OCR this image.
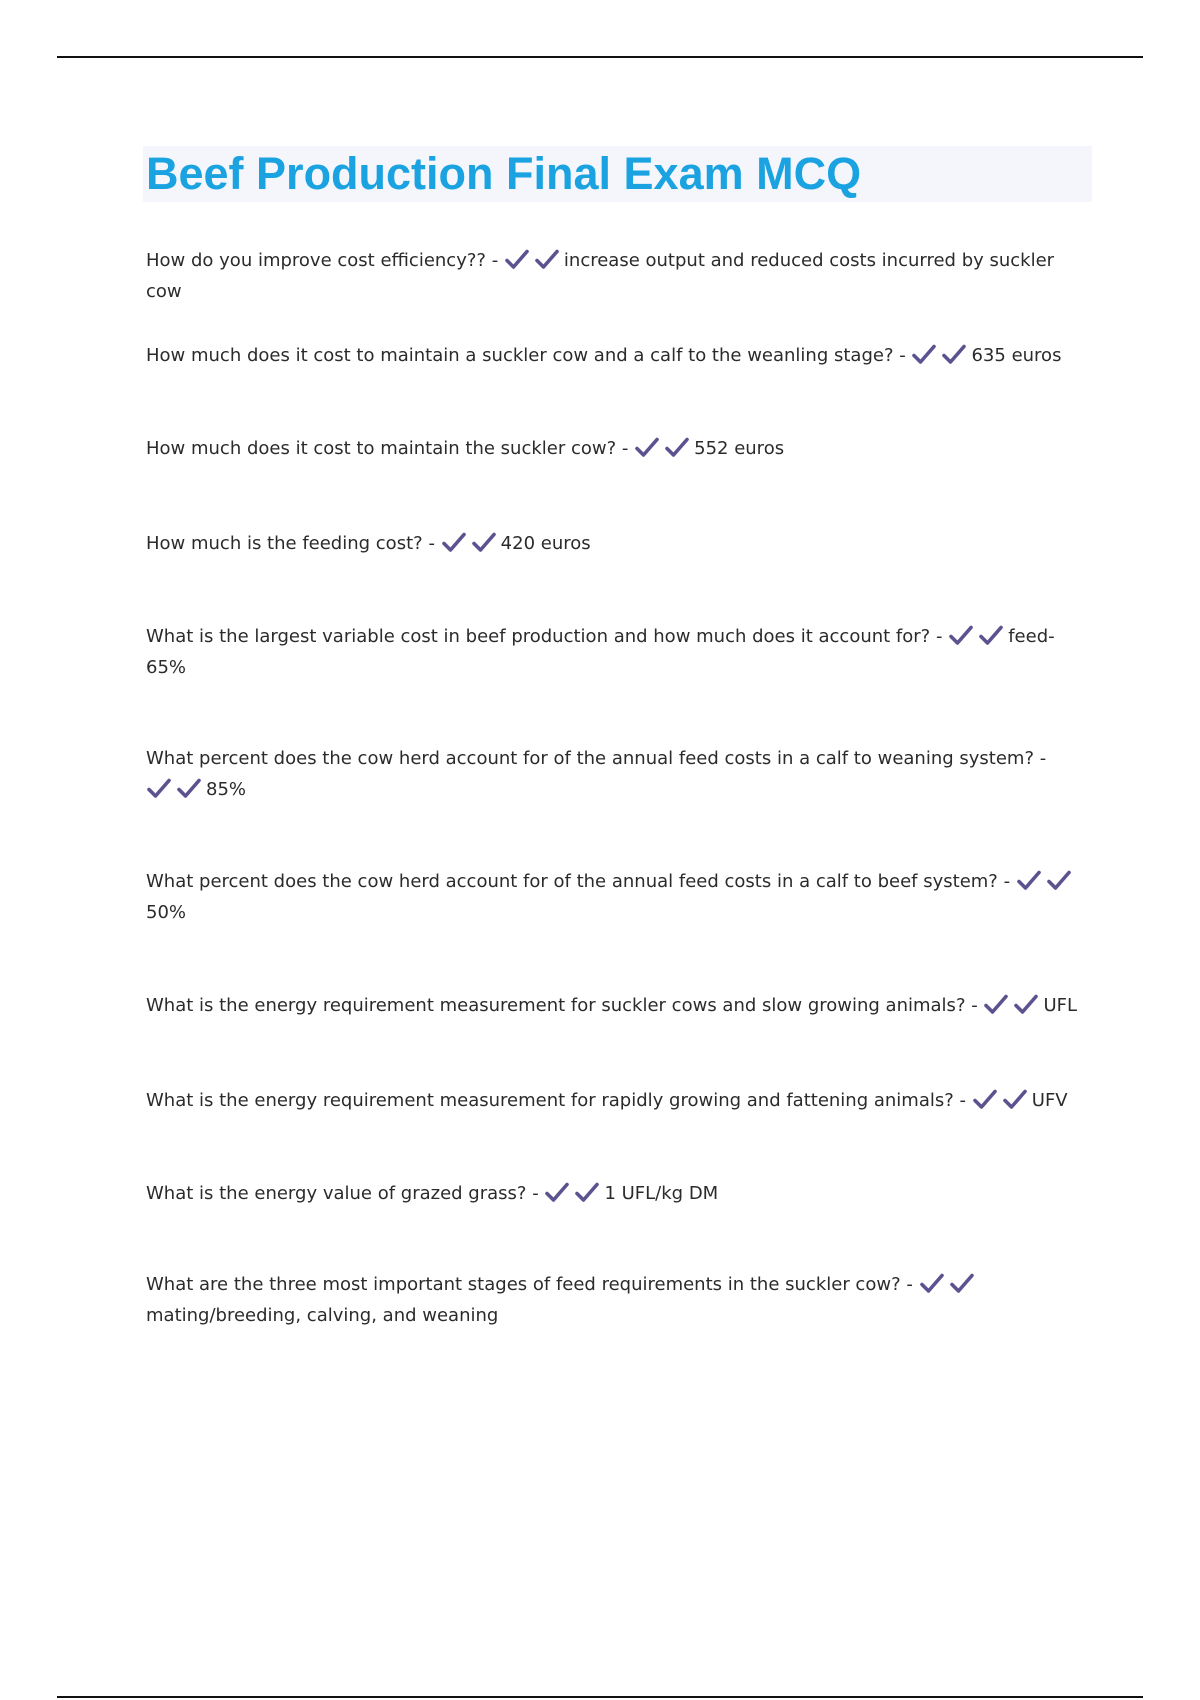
Beef Production Final Exam MCQ

How do you improve cost efficiency?? -	increase output and reduced costs incurred by suckler cow

How much does it cost to maintain a suckler cow and a calf to the weanling stage? -	635 euros

How much does it cost to maintain the suckler cow? -	552 euros

How much is the feeding cost? -	420 euros

What is the largest variable cost in beef production and how much does it account for? -	feed- 65%

What percent does the cow herd account for of the annual feed costs in a calf to weaning system? -
85%

What percent does the cow herd account for of the annual feed costs in a calf to beef system? -
50%

What is the energy requirement measurement for suckler cows and slow growing animals? -	UFL

What is the energy requirement measurement for rapidly growing and fattening animals? -	UFV

What is the energy value of grazed grass? -	1 UFL/kg DM

What are the three most important stages of feed requirements in the suckler cow? -
mating/breeding, calving, and weaning
